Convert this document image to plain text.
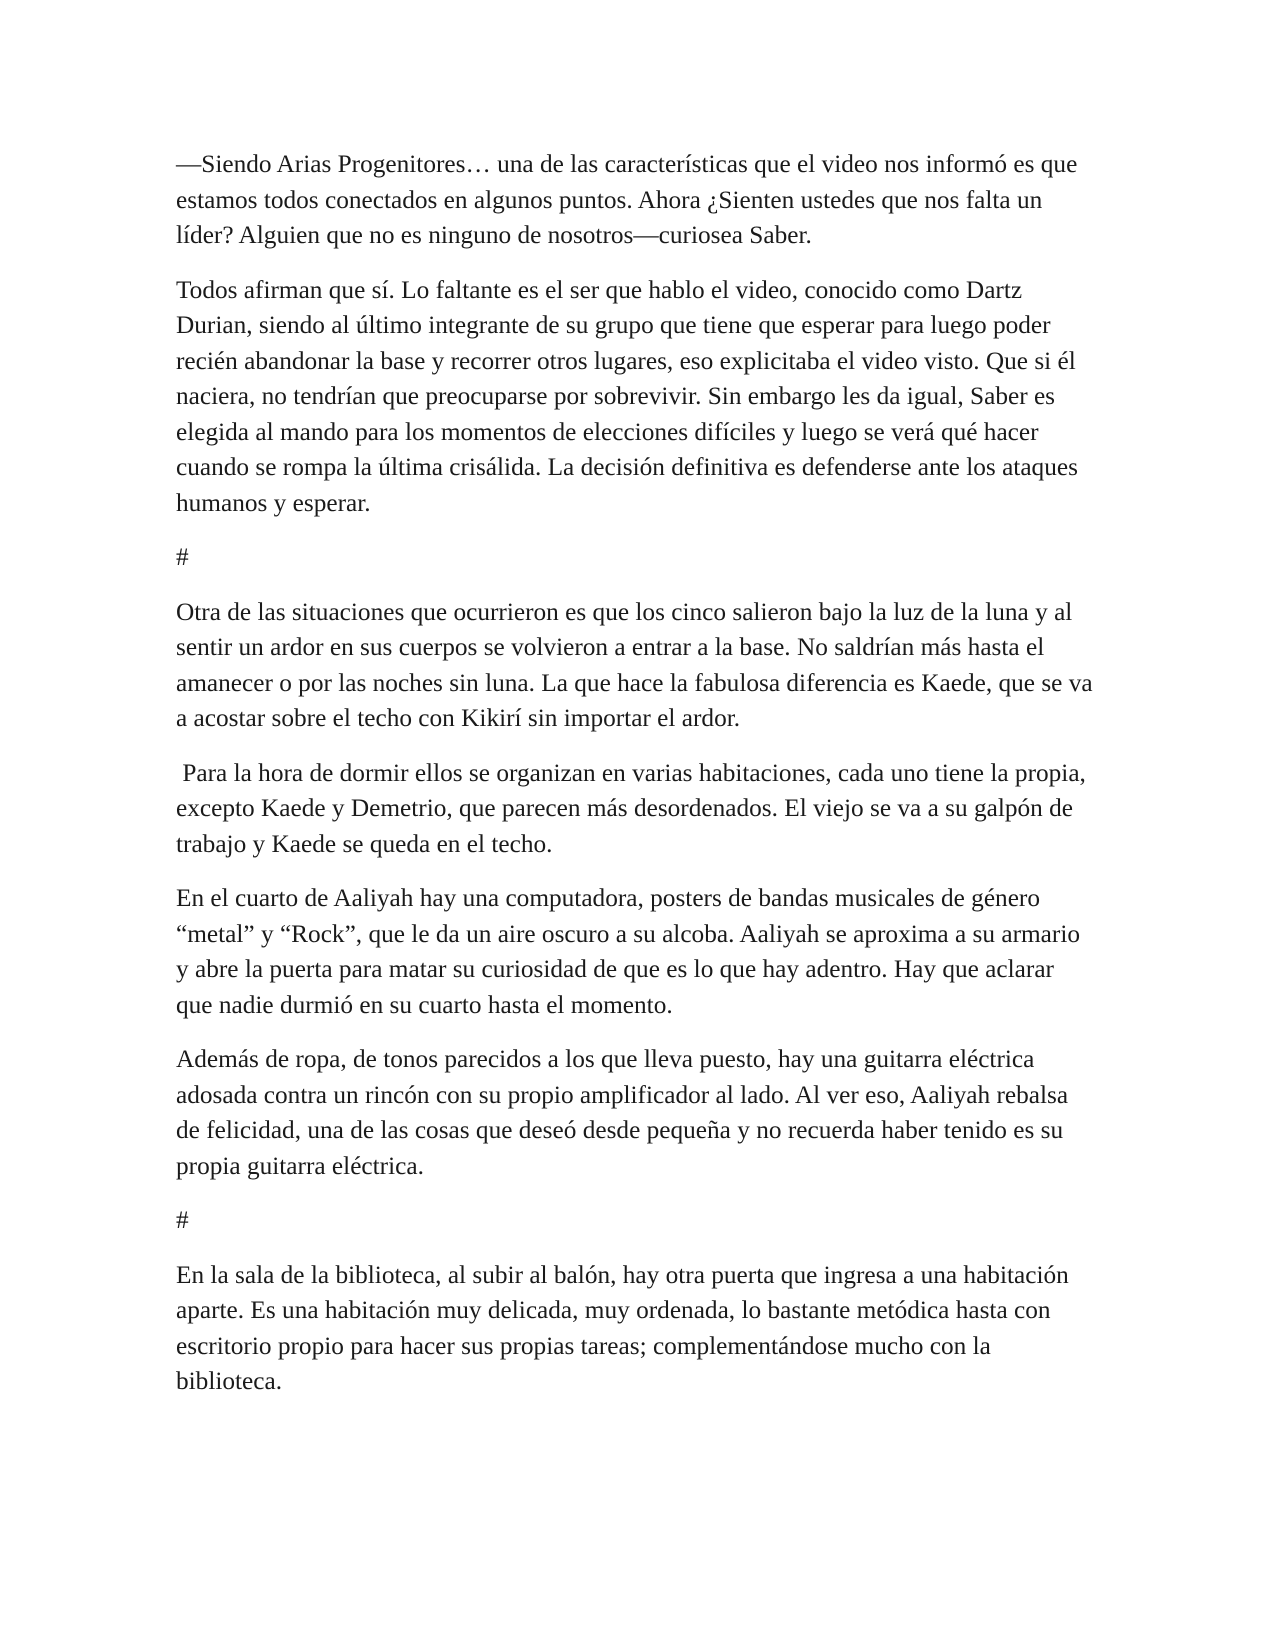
—Siendo Arias Progenitores… una de las características que el video nos informó es que estamos todos conectados en algunos puntos. Ahora ¿Sienten ustedes que nos falta un líder? Alguien que no es ninguno de nosotros—curiosea Saber.

Todos afirman que sí. Lo faltante es el ser que hablo el video, conocido como Dartz Durian, siendo al último integrante de su grupo que tiene que esperar para luego poder recién abandonar la base y recorrer otros lugares, eso explicitaba el video visto. Que si él naciera, no tendrían que preocuparse por sobrevivir. Sin embargo les da igual, Saber es elegida al mando para los momentos de elecciones difíciles y luego se verá qué hacer cuando se rompa la última crisálida. La decisión definitiva es defenderse ante los ataques humanos y esperar.

#

Otra de las situaciones que ocurrieron es que los cinco salieron bajo la luz de la luna y al sentir un ardor en sus cuerpos se volvieron a entrar a la base. No saldrían más hasta el amanecer o por las noches sin luna. La que hace la fabulosa diferencia es Kaede, que se va a acostar sobre el techo con Kikirí sin importar el ardor.

Para la hora de dormir ellos se organizan en varias habitaciones, cada uno tiene la propia, excepto Kaede y Demetrio, que parecen más desordenados. El viejo se va a su galpón de trabajo y Kaede se queda en el techo.

En el cuarto de Aaliyah hay una computadora, posters de bandas musicales de género “metal” y “Rock”, que le da un aire oscuro a su alcoba. Aaliyah se aproxima a su armario y abre la puerta para matar su curiosidad de que es lo que hay adentro. Hay que aclarar que nadie durmió en su cuarto hasta el momento.

Además de ropa, de tonos parecidos a los que lleva puesto, hay una guitarra eléctrica adosada contra un rincón con su propio amplificador al lado. Al ver eso, Aaliyah rebalsa de felicidad, una de las cosas que deseó desde pequeña y no recuerda haber tenido es su propia guitarra eléctrica.

#

En la sala de la biblioteca, al subir al balón, hay otra puerta que ingresa a una habitación aparte. Es una habitación muy delicada, muy ordenada, lo bastante metódica hasta con escritorio propio para hacer sus propias tareas; complementándose mucho con la biblioteca.
